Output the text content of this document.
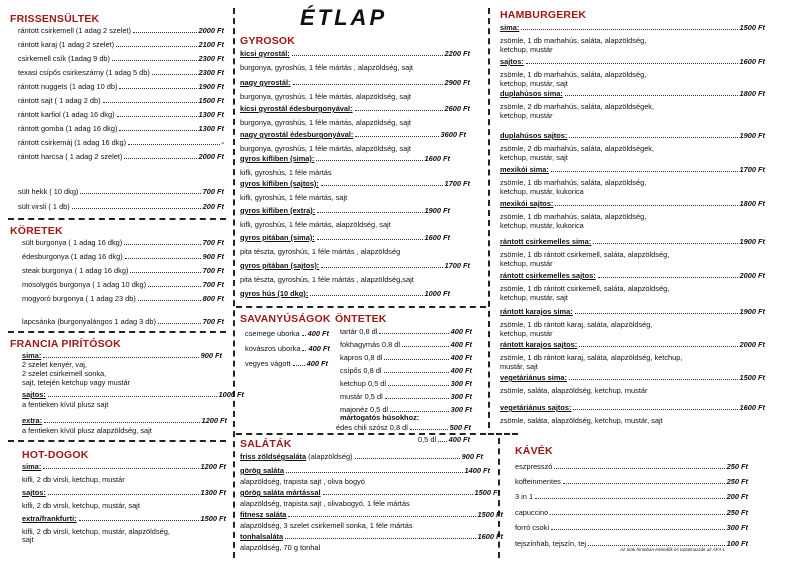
ÉTLAP
FRISSENSÜLTEK
rántott csirkemell (1 adag 2 szelet)	2000 Ft
rántott karaj (1 adag 2 szelet)	2100 Ft
csirkemell csík (1adag 9 db)	2300 Ft
texasi csípős csirkeszárny (1 adag 5 db)	2300 Ft
rántott nuggets (1 adag 10 db)	1900 Ft
rántott sajt ( 1 adag 2 db)	1500 Ft
rántott karfiol (1 adag 16 dkg)	1300 Ft
rántott gomba (1 adag 16 dkg)	1300 Ft
rántott csirkemáj (1 adag 16 dkg)	-
rántott harcsa ( 1 adag 2 szelet)	2000 Ft
sült hekk ( 10 dkg)	700 Ft
sült virsli ( 1 db)	200 Ft
KÖRETEK
sült burgonya ( 1 adag 16 dkg)	700 Ft
édesburgonya (1 adag 16 dkg)	900 Ft
steak burgonya ( 1 adag 16 dkg)	700 Ft
mosolygós burgonya ( 1 adag 10 dkg)	700 Ft
mogyoró burgonya ( 1 adag 23 db)	800 Ft
lapcsánka (burgonyalángos 1 adag 3 db)	700 Ft
FRANCIA PIRÍTÓSOK
sima:	900 Ft
2 szelet kenyér, vaj,
2 szelet csirkemell sonka,
sajt, tetején ketchup vagy mustár
sajtos:	1000 Ft
a fentieken kívül plusz sajt
extra:	1200 Ft
a fentieken kívül plusz alapzöldség, sajt
HOT-DOGOK
sima:	1200 Ft
kifli, 2 db virsli, ketchup, mustár
sajtos:	1300 Ft
kifli, 2 db virsli, ketchup, mustár, sajt
extra/frankfurti:	1500 Ft
kifli, 2 db virsli, ketchup, mustár, alapzöldség, sajt
GYROSOK
kicsi gyrostál:	2200 Ft
burgonya, gyroshús, 1 féle mártás , alapzöldség, sajt
nagy gyrostál:	2900 Ft
burgonya, gyroshús, 1 féle mártás, alapzöldség, sajt
kicsi gyrostál édesburgonyával:	2600 Ft
burgonya, gyroshús, 1 féle mártás, alapzöldség, sajt
nagy gyrostál édesburgonyával:	3600 Ft
burgonya, gyroshús, 1 féle mártás, alapzöldség, sajt
gyros kifliben (sima):	1600 Ft
kifli, gyroshús, 1 féle mártás
gyros kifliben (sajtos):	1700 Ft
kifli, gyroshús, 1 féle mártás, sajt
gyros kifliben (extra):	1900 Ft
kifli, gyroshús, 1 féle mártás, alapzöldség, sajt
gyros pitában (sima):	1600 Ft
pita tészta, gyroshús, 1 féle mártás , alapzöldség
gyros pitában (sajtos):	1700 Ft
pita tészta, gyroshús, 1 féle mártás , alapzöldség,sajt
gyros hús (10 dkg):	1000 Ft
SAVANYÚSÁGOK
csemege uborka 400 Ft
kovászos uborka 400 Ft
vegyes vágott 400 Ft
ÖNTETEK
tartár 0,8 dl	400 Ft
fokhagymás 0,8 dl	400 Ft
kapros 0,8 dl	400 Ft
csípős 0,8 dl	400 Ft
ketchup 0,5 dl	300 Ft
mustár 0,5 dl	300 Ft
majonéz 0,5 dl	300 Ft
mártogatós húsokhoz:
édes chili szósz 0,8 dl	500 Ft
0,5 dl 400 Ft
SALÁTÁK
friss zöldségsaláta (alapzöldség)	900 Ft
görög saláta	1400 Ft
alapzöldség, trapista sajt , oliva bogyó
görög saláta mártással	1500 Ft
alapzöldség, trapista sajt , olivabogyó, 1 féle mártás
fitnesz saláta	1500 Ft
alapzöldség, 3 szelet csirkemell sonka, 1 féle mártás
tonhalsaláta	1600 Ft
alapzöldség, 70 g tonhal
HAMBURGEREK
sima:	1500 Ft
zsömle, 1 db marhahús, saláta, alapzöldség,
ketchup, mustár
sajtos:	1600 Ft
zsömle, 1 db marhahús, saláta, alapzöldség,
ketchup, mustár, sajt
duplahúsos sima:	1800 Ft
zsömle, 2 db marhahús, saláta, alapzöldségek,
ketchup, mustár
duplahúsos sajtos:	1900 Ft
zsömle, 2 db marhahús, saláta, alapzöldségek,
ketchup, mustár, sajt
mexikói sima:	1700 Ft
zsömle, 1 db marhahús, saláta, alapzöldség,
ketchup, mustár, kukorica
mexikói sajtos:	1800 Ft
zsömle, 1 db marhahús, saláta, alapzöldség,
ketchup, mustár, kukorica
rántott csirkemelles sima:	1900 Ft
zsömle, 1 db rántott csirkemell, saláta, alapzöldség,
ketchup, mustár
rántott csirkemelles sajtos:	2000 Ft
zsömle, 1 db rántott csirkemell, saláta, alapzöldség,
ketchup, mustár, sajt
rántott karajos sima:	1900 Ft
zsömle, 1 db rántott karaj, saláta, alapzöldség,
ketchup, mustár
rántott karajos sajtos:	2000 Ft
zsömle, 1 db rántott karaj, saláta, alapzöldség, ketchup,
mustár, sajt
vegetáriánus sima:	1500 Ft
zsömle, saláta, alapzöldség, ketchup, mustár
vegetáriánus sajtos:	1600 Ft
zsömle, saláta, alapzöldség, ketchup, mustár, sajt
KÁVÉK
eszpresszó	250 Ft
koffeinmentes	250 Ft
3 in 1	200 Ft
capuccino	250 Ft
forró csoki	300 Ft
tejszínhab, tejszín, tej	100 Ft
Az árak forintban értendők és tartalmazzák az ÁFÁ-t.
